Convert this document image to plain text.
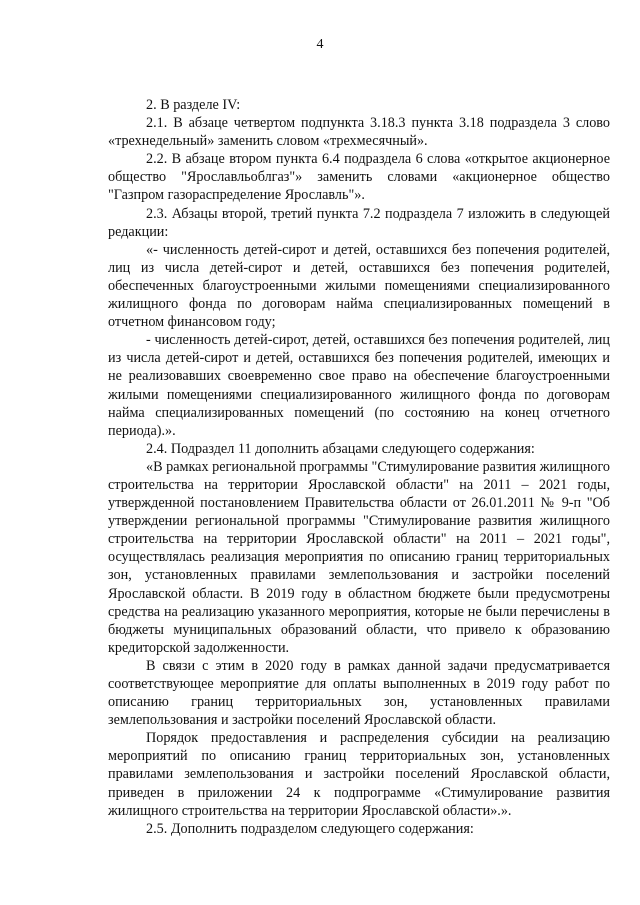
4

2. В разделе IV:

2.1. В абзаце четвертом подпункта 3.18.3 пункта 3.18 подраздела 3 слово «трехнедельный» заменить словом «трехмесячный».

2.2. В абзаце втором пункта 6.4 подраздела 6 слова «открытое акционерное общество "Ярославльоблгаз"» заменить словами «акционерное общество "Газпром газораспределение Ярославль"».

2.3. Абзацы второй, третий пункта 7.2 подраздела 7 изложить в следующей редакции:

«- численность детей-сирот и детей, оставшихся без попечения родителей, лиц из числа детей-сирот и детей, оставшихся без попечения родителей, обеспеченных благоустроенными жилыми помещениями специализированного жилищного фонда по договорам найма специализированных помещений в отчетном финансовом году;

- численность детей-сирот, детей, оставшихся без попечения родителей, лиц из числа детей-сирот и детей, оставшихся без попечения родителей, имеющих и не реализовавших своевременно свое право на обеспечение благоустроенными жилыми помещениями специализированного жилищного фонда по договорам найма специализированных помещений (по состоянию на конец отчетного периода).».

2.4. Подраздел 11 дополнить абзацами следующего содержания:

«В рамках региональной программы "Стимулирование развития жилищного строительства на территории Ярославской области" на 2011 – 2021 годы, утвержденной постановлением Правительства области от 26.01.2011 № 9-п "Об утверждении региональной программы "Стимулирование развития жилищного строительства на территории Ярославской области" на 2011 – 2021 годы", осуществлялась реализация мероприятия по описанию границ территориальных зон, установленных правилами землепользования и застройки поселений Ярославской области. В 2019 году в областном бюджете были предусмотрены средства на реализацию указанного мероприятия, которые не были перечислены в бюджеты муниципальных образований области, что привело к образованию кредиторской задолженности.

В связи с этим в 2020 году в рамках данной задачи предусматривается соответствующее мероприятие для оплаты выполненных в 2019 году работ по описанию границ территориальных зон, установленных правилами землепользования и застройки поселений Ярославской области.

Порядок предоставления и распределения субсидии на реализацию мероприятий по описанию границ территориальных зон, установленных правилами землепользования и застройки поселений Ярославской области, приведен в приложении 24 к подпрограмме «Стимулирование развития жилищного строительства на территории Ярославской области».».

2.5. Дополнить подразделом следующего содержания:
